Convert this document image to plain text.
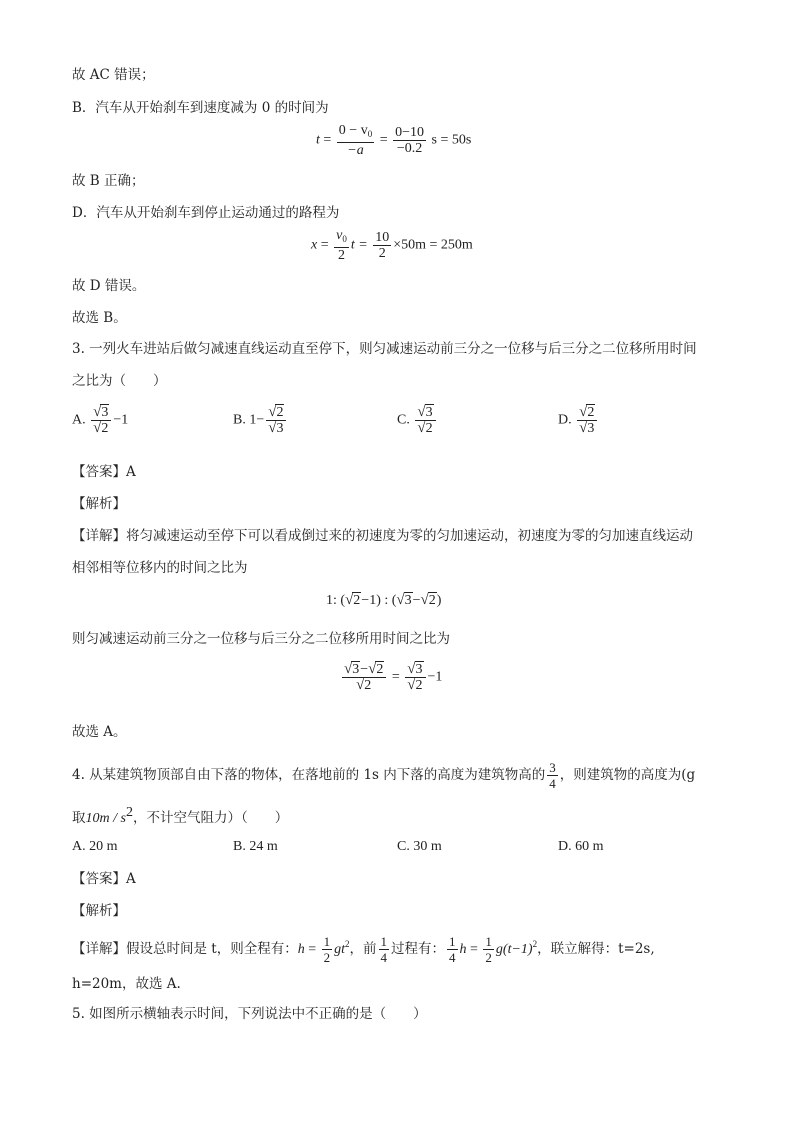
故 AC 错误；
B．汽车从开始刹车到速度减为 0 的时间为
$t = \frac{0 - v_0}{-a} = \frac{0-10}{-0.2}$ s = 50s
故 B 正确；
D．汽车从开始刹车到停止运动通过的路程为
$x = \frac{v_0}{2}$ $t = \frac{10}{2} \times 50m = 250m$
故 D 错误。
故选 B。
3. 一列火车进站后做匀减速直线运动直至停下，则匀减速运动前三分之一位移与后三分之二位移所用时间
之比为（　　）
A. $\frac{√3}{√2} -1$	B. $1- \frac{√2}{√3}$	C. $\frac{√3}{√2}$	D. $\frac{√2}{√3}$
【答案】A
【解析】
【详解】将匀减速运动至停下可以看成倒过来的初速度为零的匀加速运动，初速度为零的匀加速直线运动
相邻相等位移内的时间之比为
1: (√2−1) : (√3−√2)
则匀减速运动前三分之一位移与后三分之二位移所用时间之比为
$\frac{√3-√2}{√2} = \frac{√3}{√2} -1$
故选 A。
4. 从某建筑物顶部自由下落的物体，在落地前的 1s 内下落的高度为建筑物高的 $\frac{3}{4}$ ，则建筑物的高度为(g
取$10m / s^2$，不计空气阻力）（　　）
A. 20 m	B. 24 m	C. 30 m	D. 60 m
【答案】A
【解析】
【详解】假设总时间是 t，则全程有：$h = \frac{1}{2} gt^2$，前 $\frac{1}{4}$ 过程有： $\frac{1}{4}$ $h = \frac{1}{2} g(t-1)^2$，联立解得：t=2s,
h=20m，故选 A.
5. 如图所示横轴表示时间，下列说法中不正确的是（　　）
